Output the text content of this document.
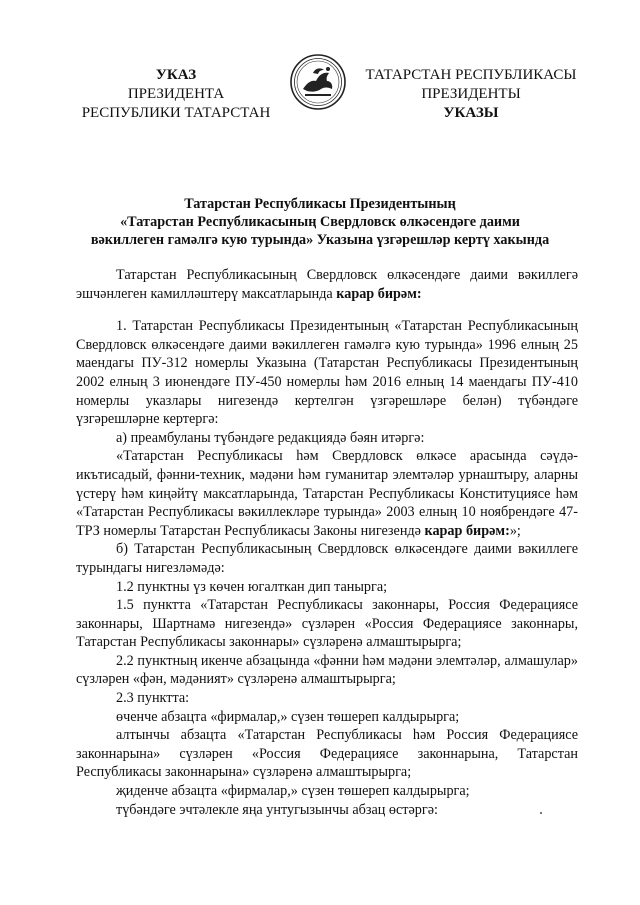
УКАЗ
ПРЕЗИДЕНТА
РЕСПУБЛИКИ ТАТАРСТАН
ТАТАРСТАН РЕСПУБЛИКАСЫ
ПРЕЗИДЕНТЫ
УКАЗЫ
Татарстан Республикасы Президентының
«Татарстан Республикасының Свердловск өлкәсендәге даими
вәкиллеген гамәлгә кую турында» Указына үзгәрешләр кертү хакында

Татарстан Республикасының Свердловск өлкәсендәге даими вәкиллегә эшчәнлеген камилләштерү максатларында карар бирәм:

1. Татарстан Республикасы Президентының «Татарстан Республикасының Свердловск өлкәсендәге даими вәкиллеген гамәлгә кую турында» 1996 елның 25 маендагы ПУ-312 номерлы Указына (Татарстан Республикасы Президентының 2002 елның 3 июнендәге ПУ-450 номерлы һәм 2016 елның 14 маендагы ПУ-410 номерлы указлары нигезендә кертелгән үзгәрешләре белән) түбәндәге үзгәрешләрне кертергә:

а) преамбуланы түбәндәге редакциядә бәян итәргә:

«Татарстан Республикасы һәм Свердловск өлкәсе арасында сәүдә-икътисадый, фәнни-техник, мәдәни һәм гуманитар элемтәләр урнаштыру, аларны үстерү һәм киңәйтү максатларында, Татарстан Республикасы Конституциясе һәм «Татарстан Республикасы вәкиллекләре турында» 2003 елның 10 ноябрендәге 47-ТРЗ номерлы Татарстан Республикасы Законы нигезендә карар бирәм:»;

б) Татарстан Республикасының Свердловск өлкәсендәге даими вәкиллеге турындагы нигезләмәдә:

1.2 пунктны үз көчен югалткан дип танырга;

1.5 пунктта «Татарстан Республикасы законнары, Россия Федерациясе законнары, Шартнамә нигезендә» сүзләрен «Россия Федерациясе законнары, Татарстан Республикасы законнары» сүзләренә алмаштырырга;

2.2 пунктның икенче абзацында «фәнни һәм мәдәни элемтәләр, алмашулар» сүзләрен «фән, мәдәният» сүзләренә алмаштырырга;

2.3 пунктта:

өченче абзацта «фирмалар,» сүзен төшереп калдырырга;

алтынчы абзацта «Татарстан Республикасы һәм Россия Федерациясе законнарына» сүзләрен «Россия Федерациясе законнарына, Татарстан Республикасы законнарына» сүзләренә алмаштырырга;

җиденче абзацта «фирмалар,» сүзен төшереп калдырырга;

түбәндәге эчтәлекле яңа унтугызынчы абзац өстәргә:
